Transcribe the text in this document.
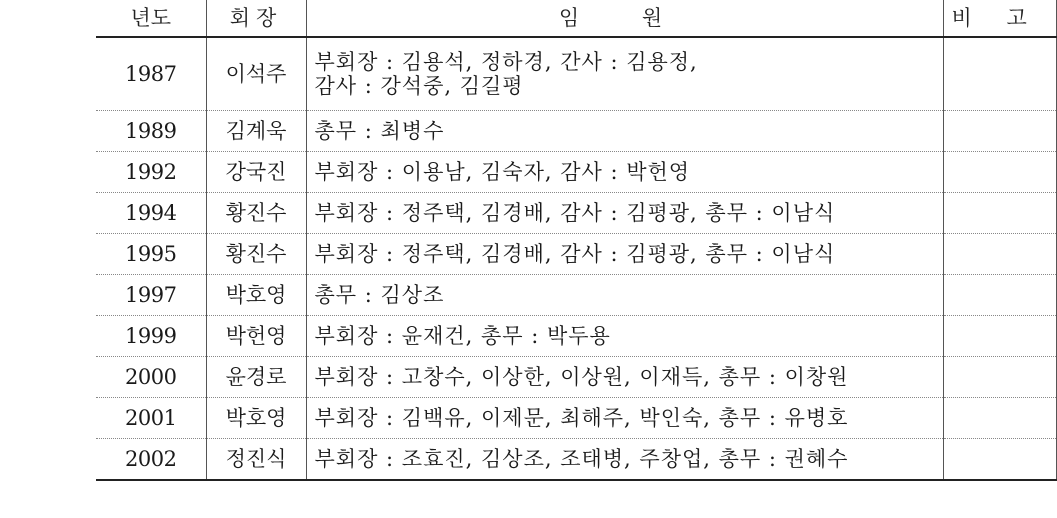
년도	회장	임 원	비 고
1987	이석주	부회장 : 김용석, 정하경, 간사 : 김용정,
감사 : 강석중, 김길평	

1989	김계욱	총무 : 최병수	

1992	강국진	부회장 : 이용남, 김숙자, 감사 : 박헌영	

1994	황진수	부회장 : 정주택, 김경배, 감사 : 김평광, 총무 : 이남식	

1995	황진수	부회장 : 정주택, 김경배, 감사 : 김평광, 총무 : 이남식	

1997	박호영	총무 : 김상조	

1999	박헌영	부회장 : 윤재건, 총무 : 박두용	

2000	윤경로	부회장 : 고창수, 이상한, 이상원, 이재득, 총무 : 이창원	

2001	박호영	부회장 : 김백유, 이제문, 최해주, 박인숙, 총무 : 유병호	

2002	정진식	부회장 : 조효진, 김상조, 조태병, 주창업, 총무 : 권혜수	
